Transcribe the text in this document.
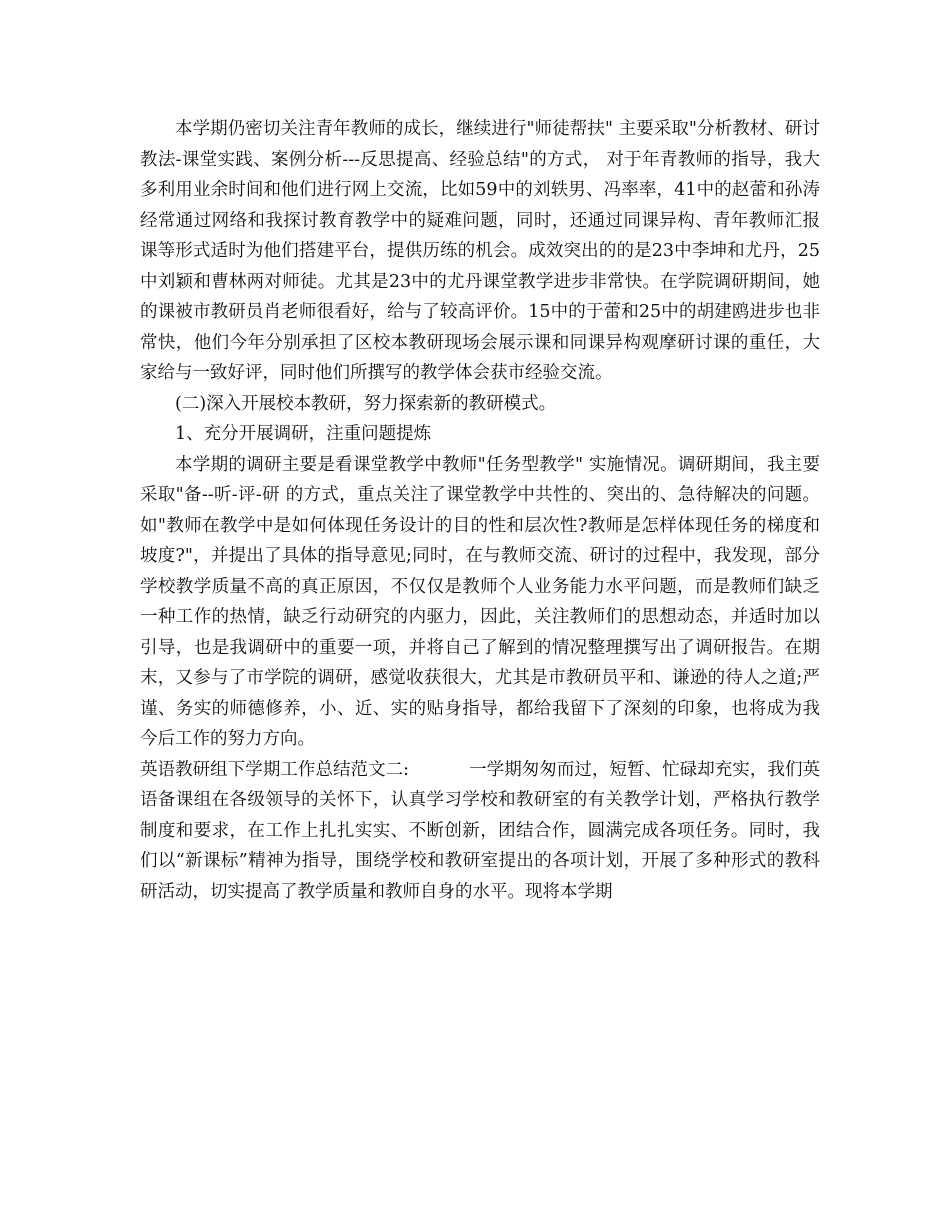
本学期仍密切关注青年教师的成长，继续进行"师徒帮扶" 主要采取"分析教材、研讨教法-课堂实践、案例分析---反思提高、经验总结"的方式， 对于年青教师的指导，我大多利用业余时间和他们进行网上交流，比如59中的刘轶男、冯率率，41中的赵蕾和孙涛经常通过网络和我探讨教育教学中的疑难问题，同时，还通过同课异构、青年教师汇报课等形式适时为他们搭建平台，提供历练的机会。成效突出的的是23中李坤和尤丹，25中刘颖和曹林两对师徒。尤其是23中的尤丹课堂教学进步非常快。在学院调研期间，她的课被市教研员肖老师很看好，给与了较高评价。15中的于蕾和25中的胡建鸥进步也非常快，他们今年分别承担了区校本教研现场会展示课和同课异构观摩研讨课的重任，大家给与一致好评，同时他们所撰写的教学体会获市经验交流。

(二)深入开展校本教研，努力探索新的教研模式。

1、充分开展调研，注重问题提炼

本学期的调研主要是看课堂教学中教师"任务型教学" 实施情况。调研期间，我主要采取"备--听-评-研 的方式，重点关注了课堂教学中共性的、突出的、急待解决的问题。如"教师在教学中是如何体现任务设计的目的性和层次性?教师是怎样体现任务的梯度和坡度?"，并提出了具体的指导意见;同时，在与教师交流、研讨的过程中，我发现，部分学校教学质量不高的真正原因，不仅仅是教师个人业务能力水平问题，而是教师们缺乏一种工作的热情，缺乏行动研究的内驱力，因此，关注教师们的思想动态，并适时加以引导，也是我调研中的重要一项，并将自己了解到的情况整理撰写出了调研报告。在期末，又参与了市学院的调研，感觉收获很大，尤其是市教研员平和、谦逊的待人之道;严谨、务实的师德修养，小、近、实的贴身指导，都给我留下了深刻的印象，也将成为我今后工作的努力方向。

英语教研组下学期工作总结范文二:	一学期匆匆而过，短暂、忙碌却充实，我们英语备课组在各级领导的关怀下，认真学习学校和教研室的有关教学计划，严格执行教学制度和要求，在工作上扎扎实实、不断创新，团结合作，圆满完成各项任务。同时，我们以“新课标”精神为指导，围绕学校和教研室提出的各项计划，开展了多种形式的教科研活动，切实提高了教学质量和教师自身的水平。现将本学期
